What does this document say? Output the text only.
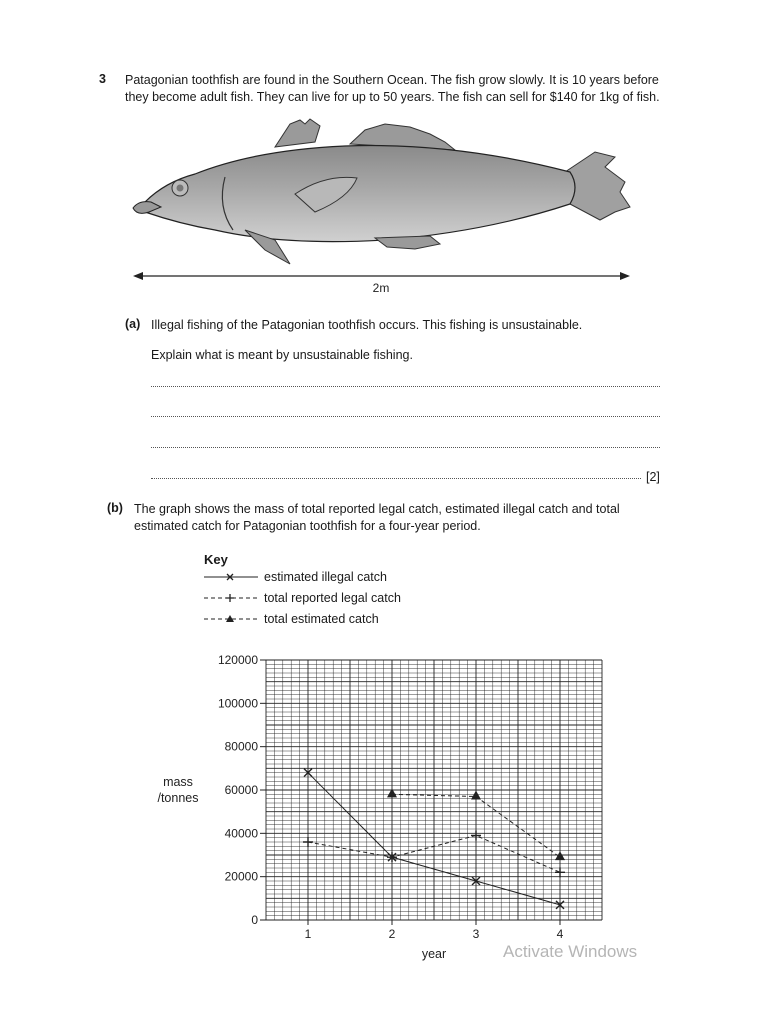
3 Patagonian toothfish are found in the Southern Ocean. The fish grow slowly. It is 10 years before
they become adult fish. They can live for up to 50 years. The fish can sell for $140 for 1kg of fish.
2m
(a) Illegal fishing of the Patagonian toothfish occurs. This fishing is unsustainable.
Explain what is meant by unsustainable fishing.
[2]
(b) The graph shows the mass of total reported legal catch, estimated illegal catch and total
estimated catch for Patagonian toothfish for a four-year period.
Key
estimated illegal catch
total reported legal catch
total estimated catch
0
20000
40000
60000
80000
100000
120000
1	2	3	4
mass
/tonnes
year	Activate Windows
